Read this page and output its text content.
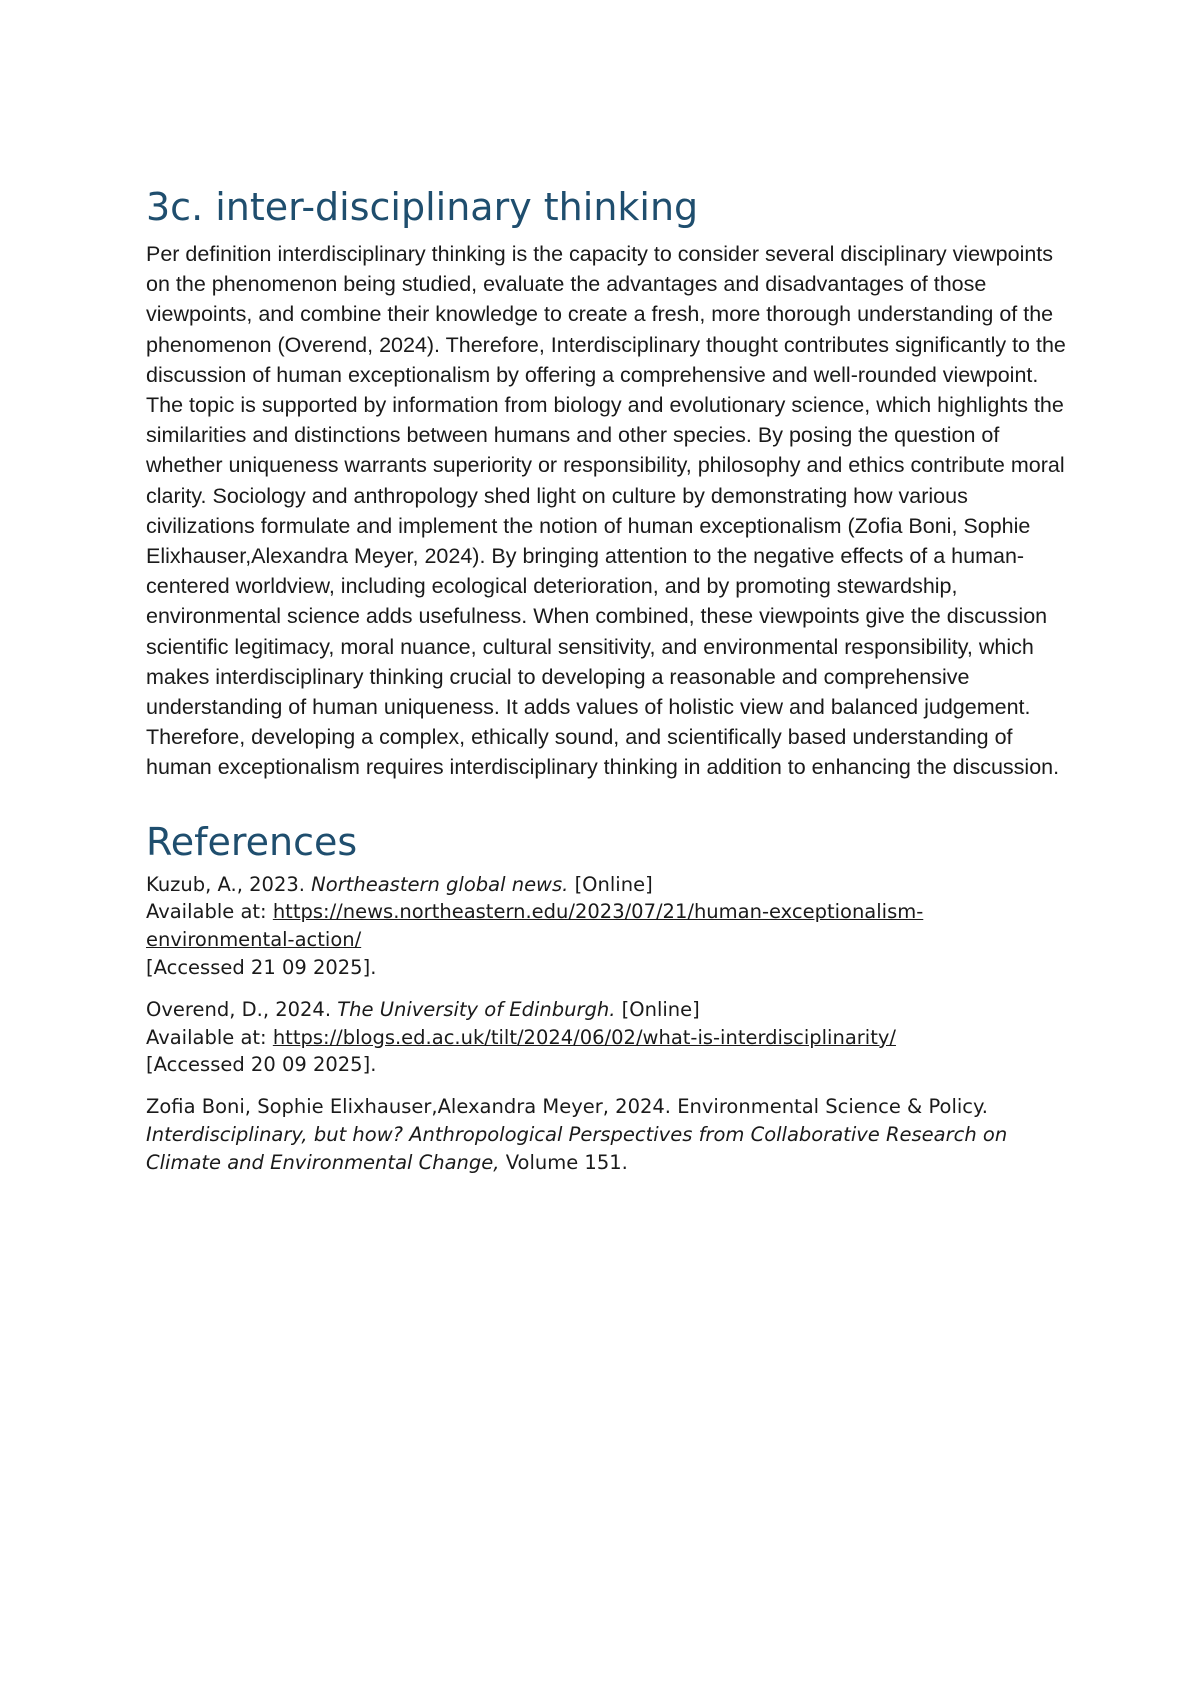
3c. inter-disciplinary thinking

Per definition interdisciplinary thinking is the capacity to consider several disciplinary viewpoints on the phenomenon being studied, evaluate the advantages and disadvantages of those viewpoints, and combine their knowledge to create a fresh, more thorough understanding of the phenomenon (Overend, 2024). Therefore, Interdisciplinary thought contributes significantly to the discussion of human exceptionalism by offering a comprehensive and well-rounded viewpoint. The topic is supported by information from biology and evolutionary science, which highlights the similarities and distinctions between humans and other species. By posing the question of whether uniqueness warrants superiority or responsibility, philosophy and ethics contribute moral clarity. Sociology and anthropology shed light on culture by demonstrating how various civilizations formulate and implement the notion of human exceptionalism (Zofia Boni, Sophie Elixhauser,Alexandra Meyer, 2024). By bringing attention to the negative effects of a human-centered worldview, including ecological deterioration, and by promoting stewardship, environmental science adds usefulness. When combined, these viewpoints give the discussion scientific legitimacy, moral nuance, cultural sensitivity, and environmental responsibility, which makes interdisciplinary thinking crucial to developing a reasonable and comprehensive understanding of human uniqueness. It adds values of holistic view and balanced judgement. Therefore, developing a complex, ethically sound, and scientifically based understanding of human exceptionalism requires interdisciplinary thinking in addition to enhancing the discussion.

References
Kuzub, A., 2023. Northeastern global news. [Online]
Available at: https://news.northeastern.edu/2023/07/21/human-exceptionalism-environmental-action/
[Accessed 21 09 2025].
Overend, D., 2024. The University of Edinburgh. [Online]
Available at: https://blogs.ed.ac.uk/tilt/2024/06/02/what-is-interdisciplinarity/
[Accessed 20 09 2025].
Zofia Boni, Sophie Elixhauser,Alexandra Meyer, 2024. Environmental Science & Policy. Interdisciplinary, but how? Anthropological Perspectives from Collaborative Research on Climate and Environmental Change, Volume 151.
